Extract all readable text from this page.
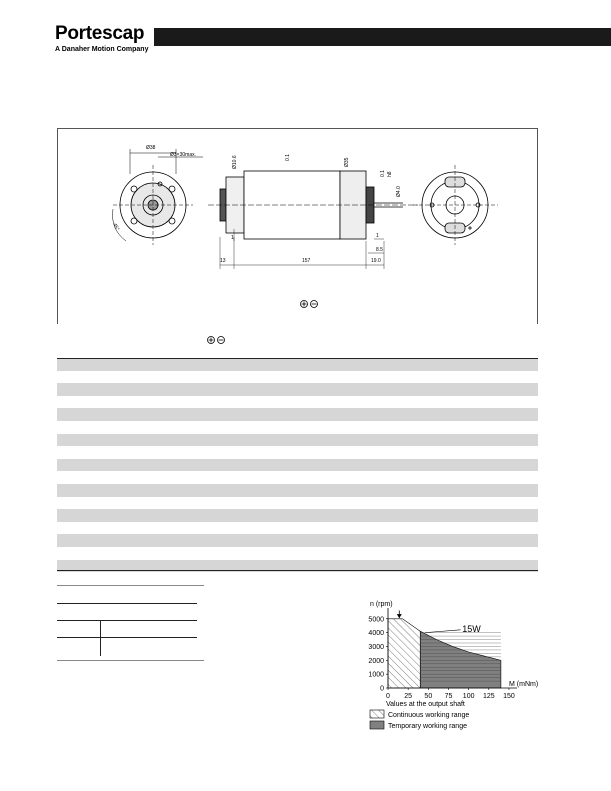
Portescap
A Danaher Motion Company
Ø38
Ø3×30max.
45°
Ø10.6	0.1
Ø35
Ø4.0
0.1 h8
13	157	19.0
8.5
1
1
0
1000
2000
3000
4000
5000
0 25 50 75 100 125 150
n (rpm)
M (mNm)
Values at the output shaft
15W
Continuous working range
Temporary working range
